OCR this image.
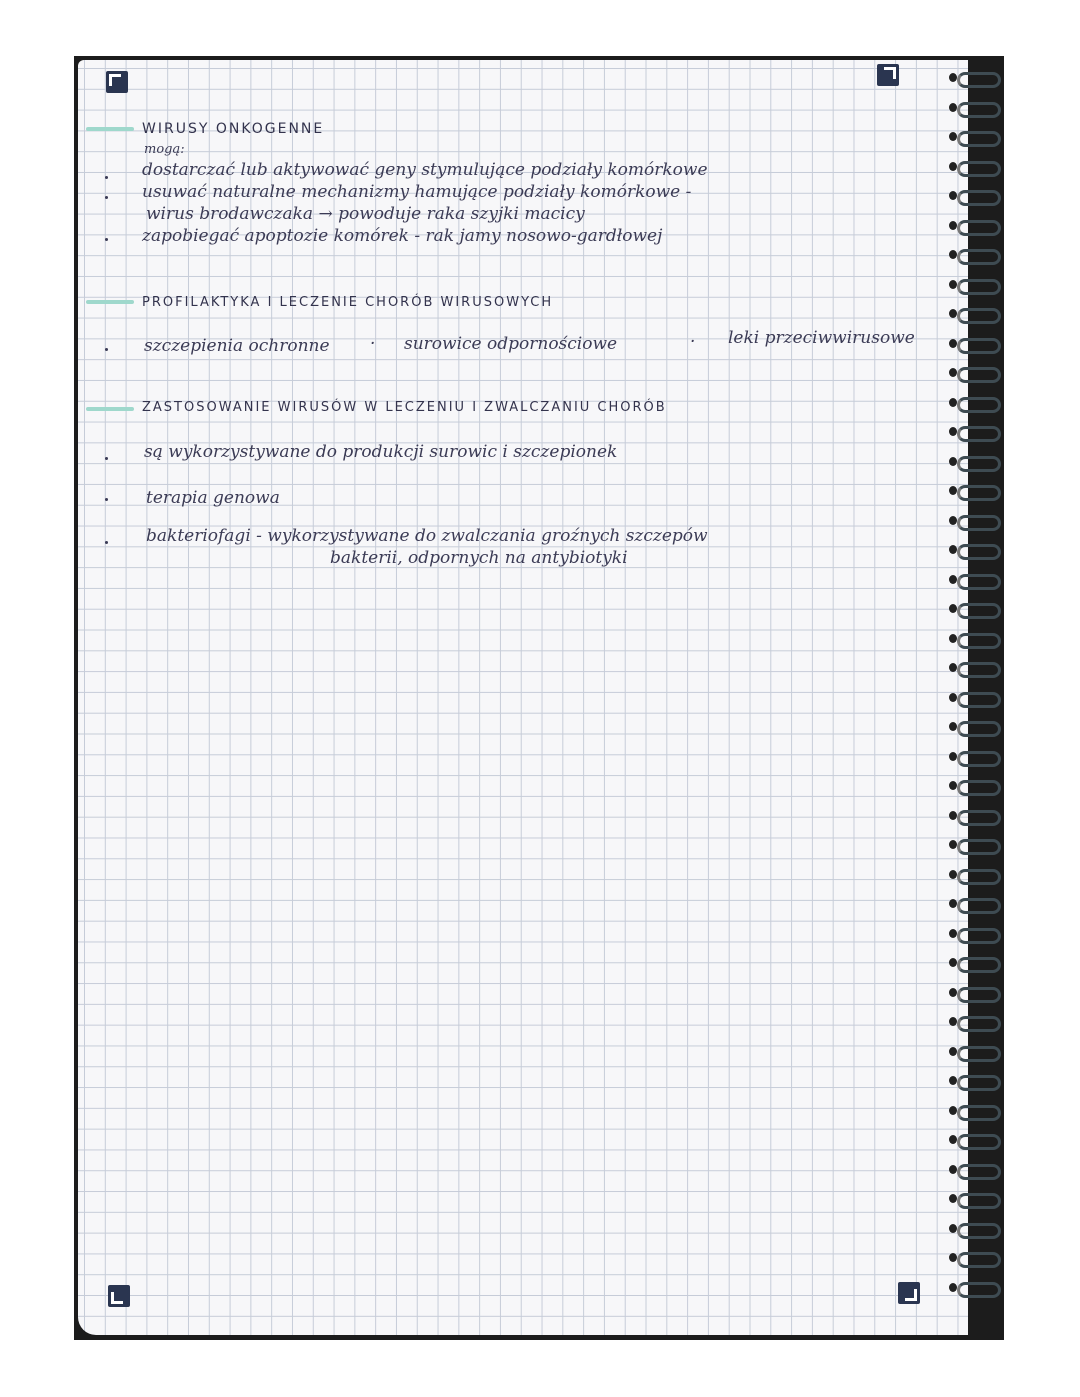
WIRUSY ONKOGENNE
mogą:
dostarczać lub aktywować geny stymulujące podziały komórkowe
usuwać naturalne mechanizmy hamujące podziały komórkowe -
wirus brodawczaka → powoduje raka szyjki macicy
zapobiegać apoptozie komórek - rak jamy nosowo-gardłowej
PROFILAKTYKA I LECZENIE CHORÓB WIRUSOWYCH
szczepienia ochronne · surowice odpornościowe	· leki przeciwwirusowe
ZASTOSOWANIE WIRUSÓW W LECZENIU I ZWALCZANIU CHORÓB
są wykorzystywane do produkcji surowic i szczepionek
terapia genowa
bakteriofagi - wykorzystywane do zwalczania groźnych szczepów
bakterii, odpornych na antybiotyki
